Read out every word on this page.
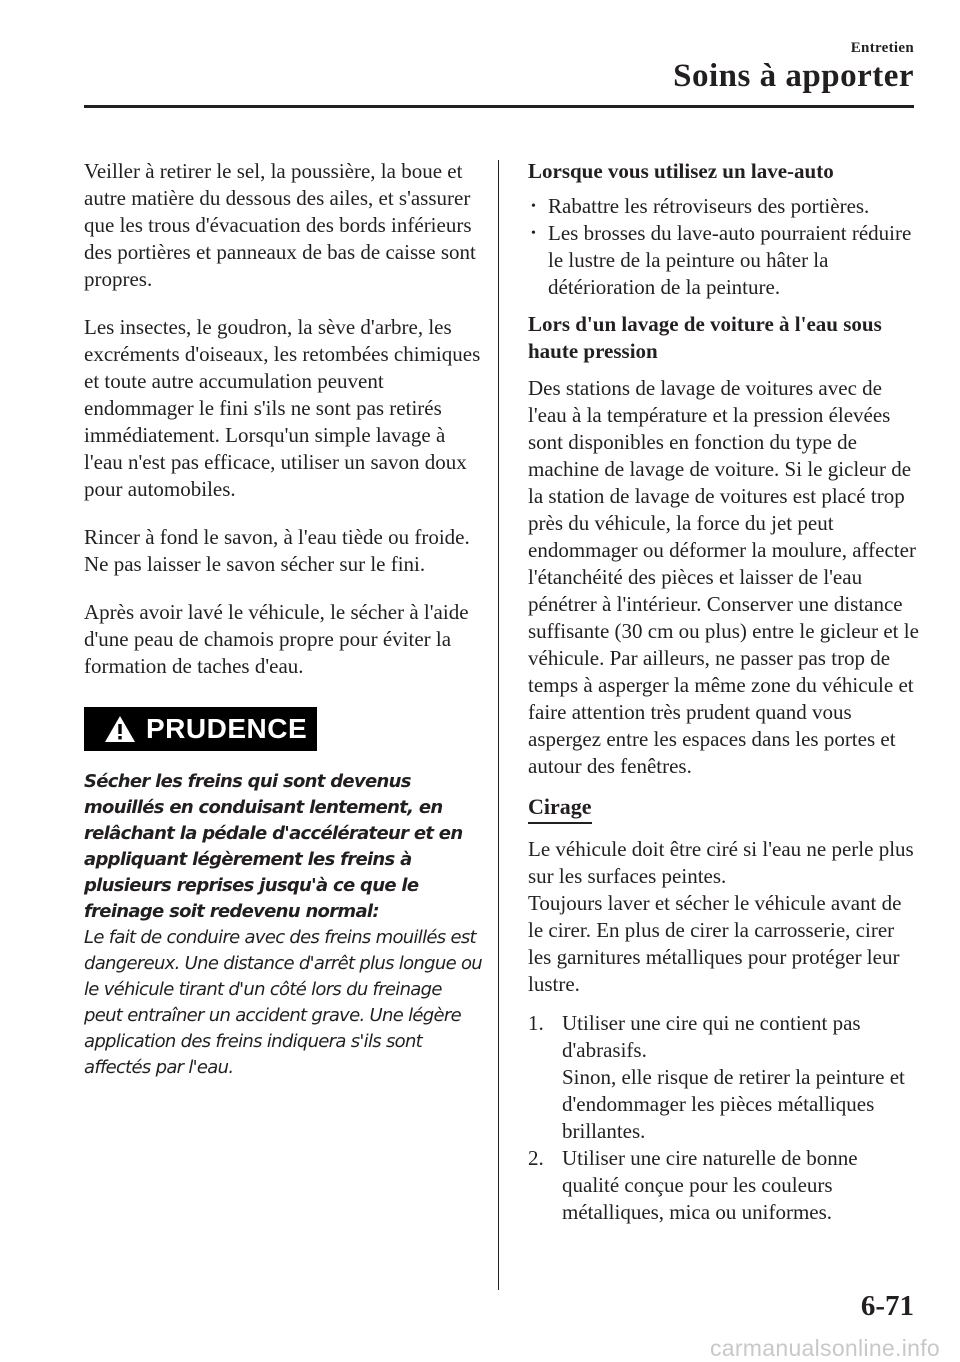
Entretien
Soins à apporter

Veiller à retirer le sel, la poussière, la boue et autre matière du dessous des ailes, et s'assurer que les trous d'évacuation des bords inférieurs des portières et panneaux de bas de caisse sont propres.

Les insectes, le goudron, la sève d'arbre, les excréments d'oiseaux, les retombées chimiques et toute autre accumulation peuvent endommager le fini s'ils ne sont pas retirés immédiatement. Lorsqu'un simple lavage à l'eau n'est pas efficace, utiliser un savon doux pour automobiles.

Rincer à fond le savon, à l'eau tiède ou froide. Ne pas laisser le savon sécher sur le fini.

Après avoir lavé le véhicule, le sécher à l'aide d'une peau de chamois propre pour éviter la formation de taches d'eau.

PRUDENCE

Sécher les freins qui sont devenus mouillés en conduisant lentement, en relâchant la pédale d'accélérateur et en appliquant légèrement les freins à plusieurs reprises jusqu'à ce que le freinage soit redevenu normal:

Le fait de conduire avec des freins mouillés est dangereux. Une distance d'arrêt plus longue ou le véhicule tirant d'un côté lors du freinage peut entraîner un accident grave. Une légère application des freins indiquera s'ils sont affectés par l'eau.

Lorsque vous utilisez un lave-auto

• Rabattre les rétroviseurs des portières.
• Les brosses du lave-auto pourraient réduire le lustre de la peinture ou hâter la détérioration de la peinture.

Lors d'un lavage de voiture à l'eau sous haute pression

Des stations de lavage de voitures avec de l'eau à la température et la pression élevées sont disponibles en fonction du type de machine de lavage de voiture. Si le gicleur de la station de lavage de voitures est placé trop près du véhicule, la force du jet peut endommager ou déformer la moulure, affecter l'étanchéité des pièces et laisser de l'eau pénétrer à l'intérieur. Conserver une distance suffisante (30 cm ou plus) entre le gicleur et le véhicule. Par ailleurs, ne passer pas trop de temps à asperger la même zone du véhicule et faire attention très prudent quand vous aspergez entre les espaces dans les portes et autour des fenêtres.

Cirage

Le véhicule doit être ciré si l'eau ne perle plus sur les surfaces peintes.

Toujours laver et sécher le véhicule avant de le cirer. En plus de cirer la carrosserie, cirer les garnitures métalliques pour protéger leur lustre.

1. Utiliser une cire qui ne contient pas d'abrasifs.
Sinon, elle risque de retirer la peinture et d'endommager les pièces métalliques brillantes.
2. Utiliser une cire naturelle de bonne qualité conçue pour les couleurs métalliques, mica ou uniformes.
6-71
carmanualsonline.info
